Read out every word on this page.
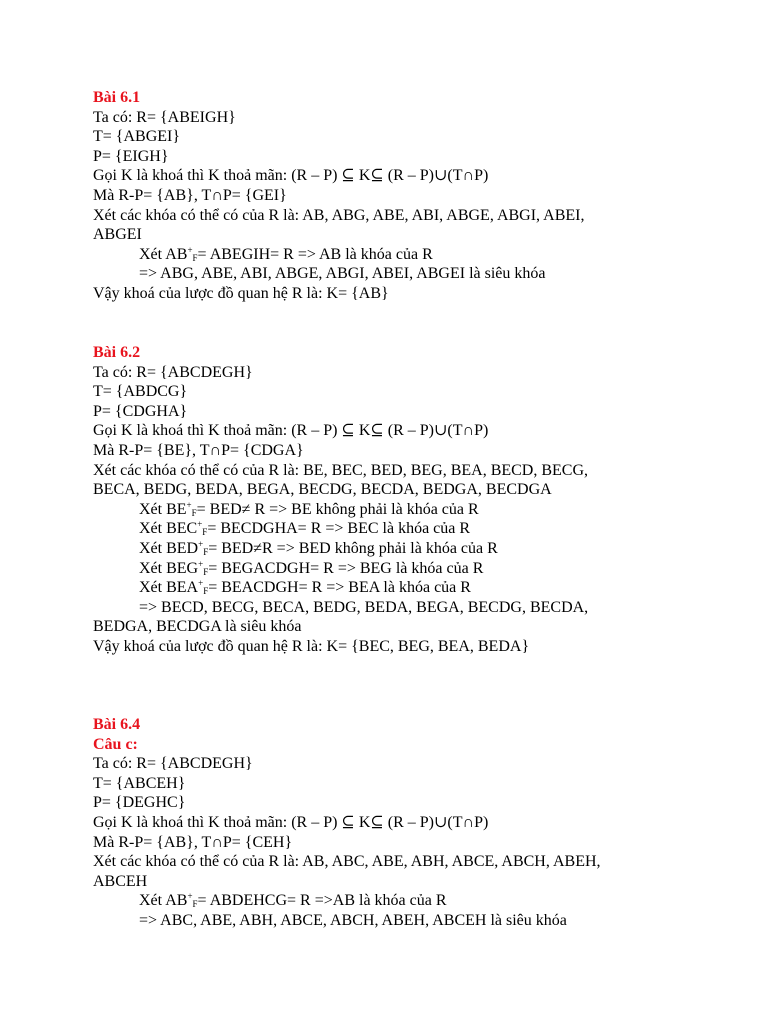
Bài 6.1
Ta có: R= {ABEIGH}
T= {ABGEI}
P= {EIGH}
Gọi K là khoá thì K thoả mãn: (R – P) ⊆ K⊆ (R – P)∪(T∩P)
Mà R-P= {AB}, T∩P= {GEI}
Xét các khóa có thể có của R là: AB, ABG, ABE, ABI, ABGE, ABGI, ABEI,
ABGEI
Xét $AB^+_F=$ ABEGIH= R => AB là khóa của R
=> ABG, ABE, ABI, ABGE, ABGI, ABEI, ABGEI là siêu khóa
Vậy khoá của lược đồ quan hệ R là: K= {AB}
Bài 6.2
Ta có: R= {ABCDEGH}
T= {ABDCG}
P= {CDGHA}
Gọi K là khoá thì K thoả mãn: (R – P) ⊆ K⊆ (R – P)∪(T∩P)
Mà R-P= {BE}, T∩P= {CDGA}
Xét các khóa có thể có của R là: BE, BEC, BED, BEG, BEA, BECD, BECG,
BECA, BEDG, BEDA, BEGA, BECDG, BECDA, BEDGA, BECDGA
Xét $BE^+_F= BED\ne R$ => BE không phải là khóa của R
Xét $BEC^+_F=$ BECDGHA= R => BEC là khóa của R
Xét $BED^+_F= BED\ne R$ => BED không phải là khóa của R
Xét $BEG^+_F=$ BEGACDGH= R => BEG là khóa của R
Xét $BEA^+_F=$ BEACDGH= R => BEA là khóa của R
=> BECD, BECG, BECA, BEDG, BEDA, BEGA, BECDG, BECDA,
BEDGA, BECDGA là siêu khóa
Vậy khoá của lược đồ quan hệ R là: K= {BEC, BEG, BEA, BEDA}
Bài 6.4
Câu c:
Ta có: R= {ABCDEGH}
T= {ABCEH}
P= {DEGHC}
Gọi K là khoá thì K thoả mãn: (R – P) ⊆ K⊆ (R – P)∪(T∩P)
Mà R-P= {AB}, T∩P= {CEH}
Xét các khóa có thể có của R là: AB, ABC, ABE, ABH, ABCE, ABCH, ABEH,
ABCEH
Xét $AB^+_F=$ ABDEHCG= R =>AB là khóa của R
=> ABC, ABE, ABH, ABCE, ABCH, ABEH, ABCEH là siêu khóa
